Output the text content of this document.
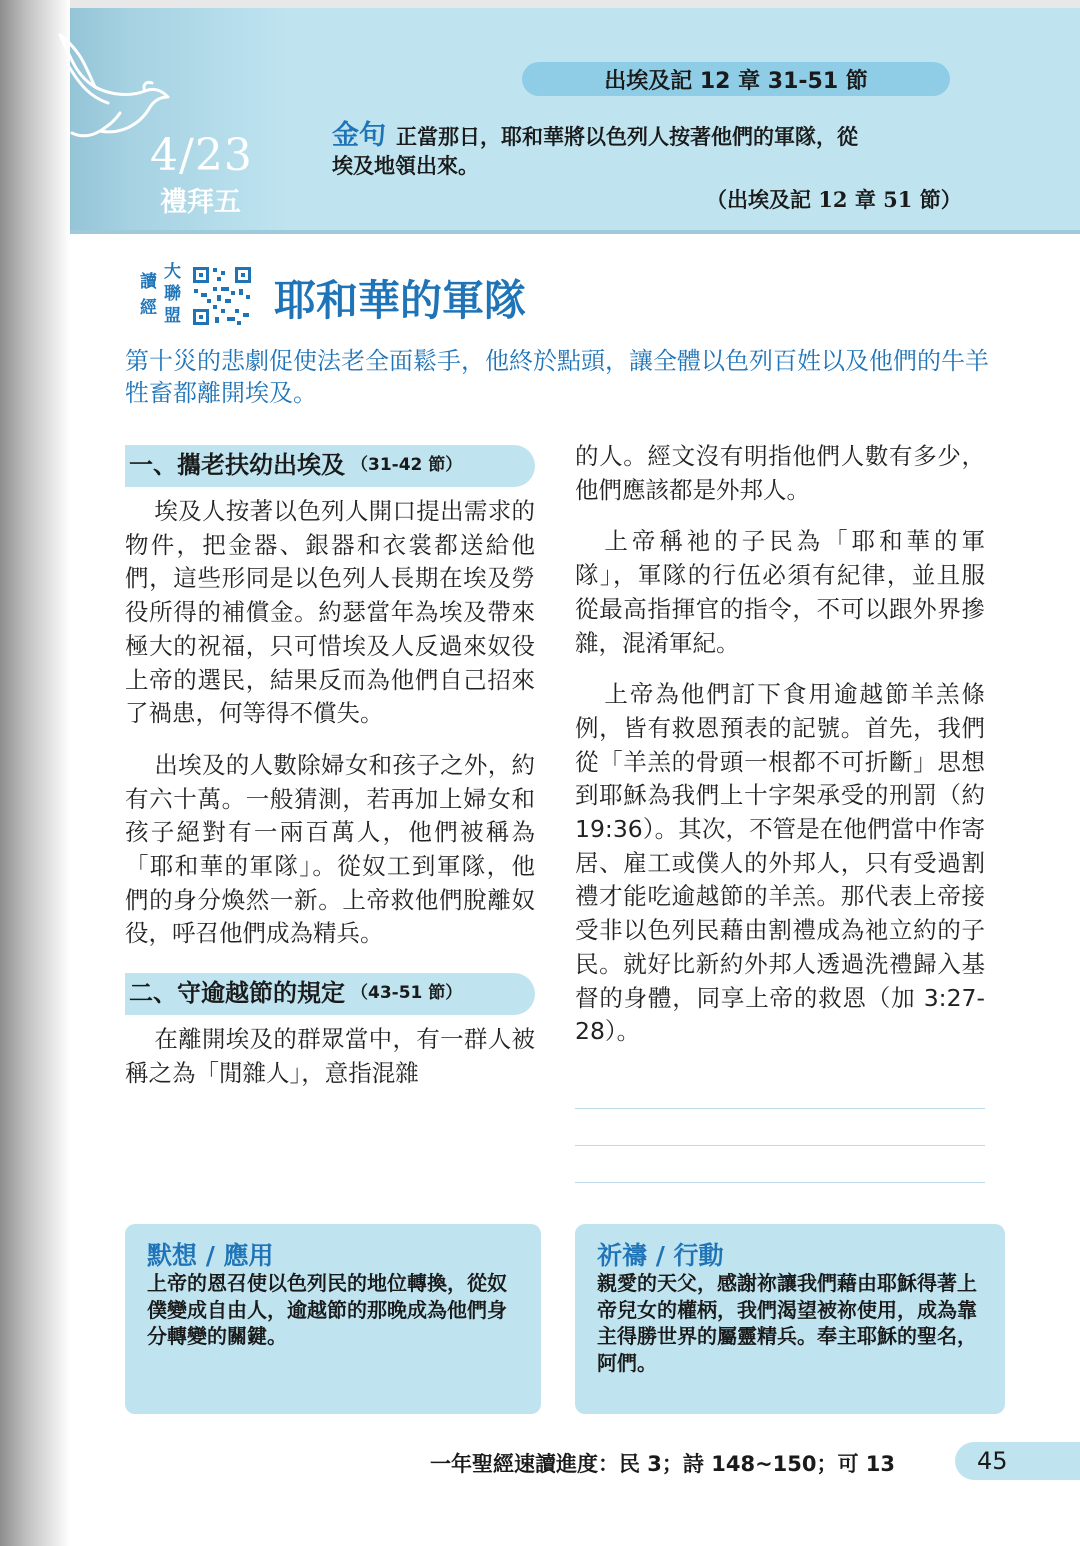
4/23
禮拜五
出埃及記 12 章 31-51 節
金句 正當那日，耶和華將以色列人按著他們的軍隊，從
埃及地領出來。
（出埃及記 12 章 51 節）
讀
經
大
聯
盟 耶和華的軍隊
第十災的悲劇促使法老全面鬆手，他終於點頭，讓全體以色列百姓以及他們的牛羊牲畜都離開埃及。
一、攜老扶幼出埃及 （31-42 節）

埃及人按著以色列人開口提出需求的物件，把金器、銀器和衣裳都送給他們，這些形同是以色列人長期在埃及勞役所得的補償金。約瑟當年為埃及帶來極大的祝福，只可惜埃及人反過來奴役上帝的選民，結果反而為他們自己招來了禍患，何等得不償失。

出埃及的人數除婦女和孩子之外，約有六十萬。一般猜測，若再加上婦女和孩子絕對有一兩百萬人，他們被稱為「耶和華的軍隊」。從奴工到軍隊，他們的身分煥然一新。上帝救他們脫離奴役，呼召他們成為精兵。

二、守逾越節的規定 （43-51 節）

在離開埃及的群眾當中，有一群人被稱之為「閒雜人」，意指混雜

的人。經文沒有明指他們人數有多少，他們應該都是外邦人。

上帝稱祂的子民為「耶和華的軍隊」，軍隊的行伍必須有紀律，並且服從最高指揮官的指令，不可以跟外界摻雜，混淆軍紀。

上帝為他們訂下食用逾越節羊羔條例，皆有救恩預表的記號。首先，我們從「羊羔的骨頭一根都不可折斷」思想到耶穌為我們上十字架承受的刑罰（約 19:36）。其次，不管是在他們當中作寄居、雇工或僕人的外邦人，只有受過割禮才能吃逾越節的羊羔。那代表上帝接受非以色列民藉由割禮成為祂立約的子民。就好比新約外邦人透過洗禮歸入基督的身體，同享上帝的救恩（加 3:27-28）。

默想 / 應用
上帝的恩召使以色列民的地位轉換，從奴僕變成自由人，逾越節的那晚成為他們身分轉變的關鍵。
祈禱 / 行動
親愛的天父，感謝祢讓我們藉由耶穌得著上帝兒女的權柄，我們渴望被祢使用，成為靠主得勝世界的屬靈精兵。奉主耶穌的聖名，阿們。
一年聖經速讀進度：民 3；詩 148~150；可 13	45
